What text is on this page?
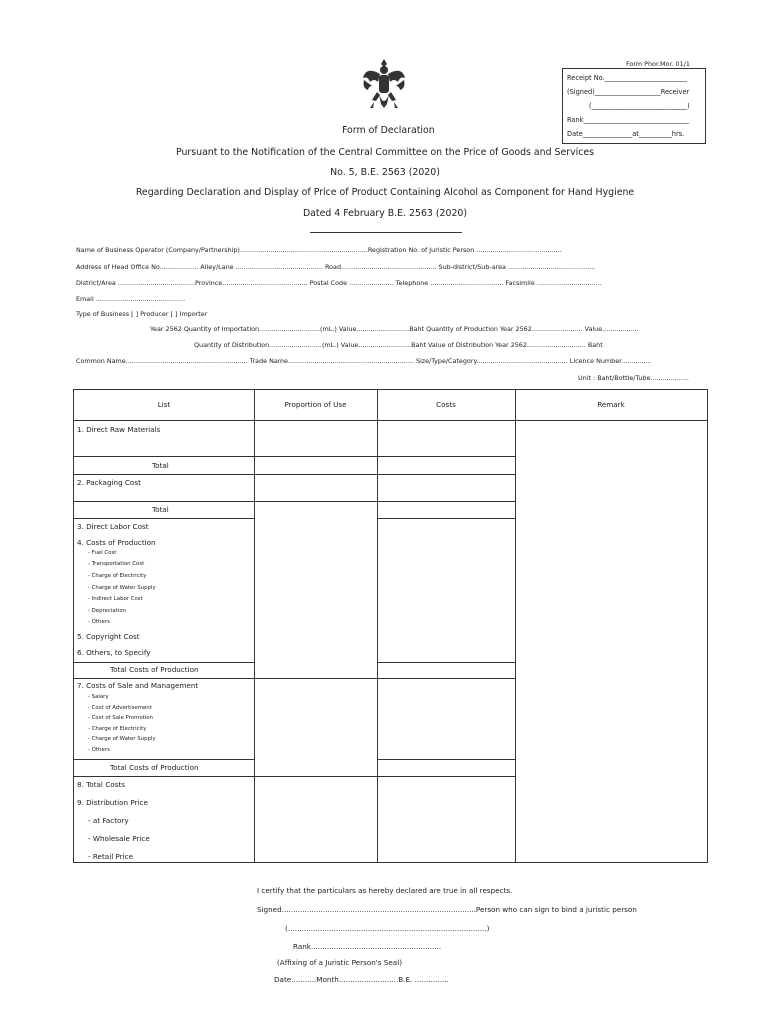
Form Phor.Mor. 01/1
Receipt No._________________________
(Signed)____________________Receiver
(_____________________________)
Rank________________________________
Date_______________at__________hrs.
Form of Declaration
Pursuant to the Notification of the Central Committee on the Price of Goods and Services
No. 5, B.E. 2563 (2020)
Regarding Declaration and Display of Price of Product Containing Alcohol as Component for Hand Hygiene
Dated 4 February B.E. 2563 (2020)
Name of Business Operator (Company/Partnership)...............................................................Registration No. of Juristic Person ..........................................
Address of Head Office No................... Alley/Lane ........................................... Road............................................... Sub-district/Sub-area ...........................................
District/Area ......................................Province.......................................... Postal Code ...................... Telephone .................................... Facsimile ................................
Email ............................................
Type of Business [ ] Producer [ ] Importer
Year 2562 Quantity of Importation..............................(mL.) Value..........................Baht Quantity of Production Year 2562......................... Value..................
Quantity of Distribution..........................(mL.) Value..........................Baht Value of Distribution Year 2562............................. Baht
Common Name............................................................ Trade Name.............................................................. Size/Type/Category............................................. Licence Number...............
Unit : Baht/Bottle/Tube...................
List	Proportion of Use	Costs	Remark
1. Direct Raw Materials
Total
2. Packaging Cost
Total
3. Direct Labor Cost
4. Costs of Production
- Fuel Cost
- Transportation Cost
- Charge of Electricity
- Charge of Water Supply
- Indirect Labor Cost
- Depreciation
- Others
5. Copyright Cost
6. Others, to Specify
Total Costs of Production
7. Costs of Sale and Management
- Salary
- Cost of Advertisement
- Cost of Sale Promotion
- Charge of Electricity
- Charge of Water Supply
- Others
Total Costs of Production
8. Total Costs
9. Distribution Price
- at Factory
- Wholesale Price
- Retail Price
I certify that the particulars as hereby declared are true in all respects.
Signed.....................................................................................Person who can sign to bind a juristic person
(.......................................................................................)
Rank.........................................................
(Affixing of a Juristic Person's Seal)
Date...........Month..........................B.E. ...............
